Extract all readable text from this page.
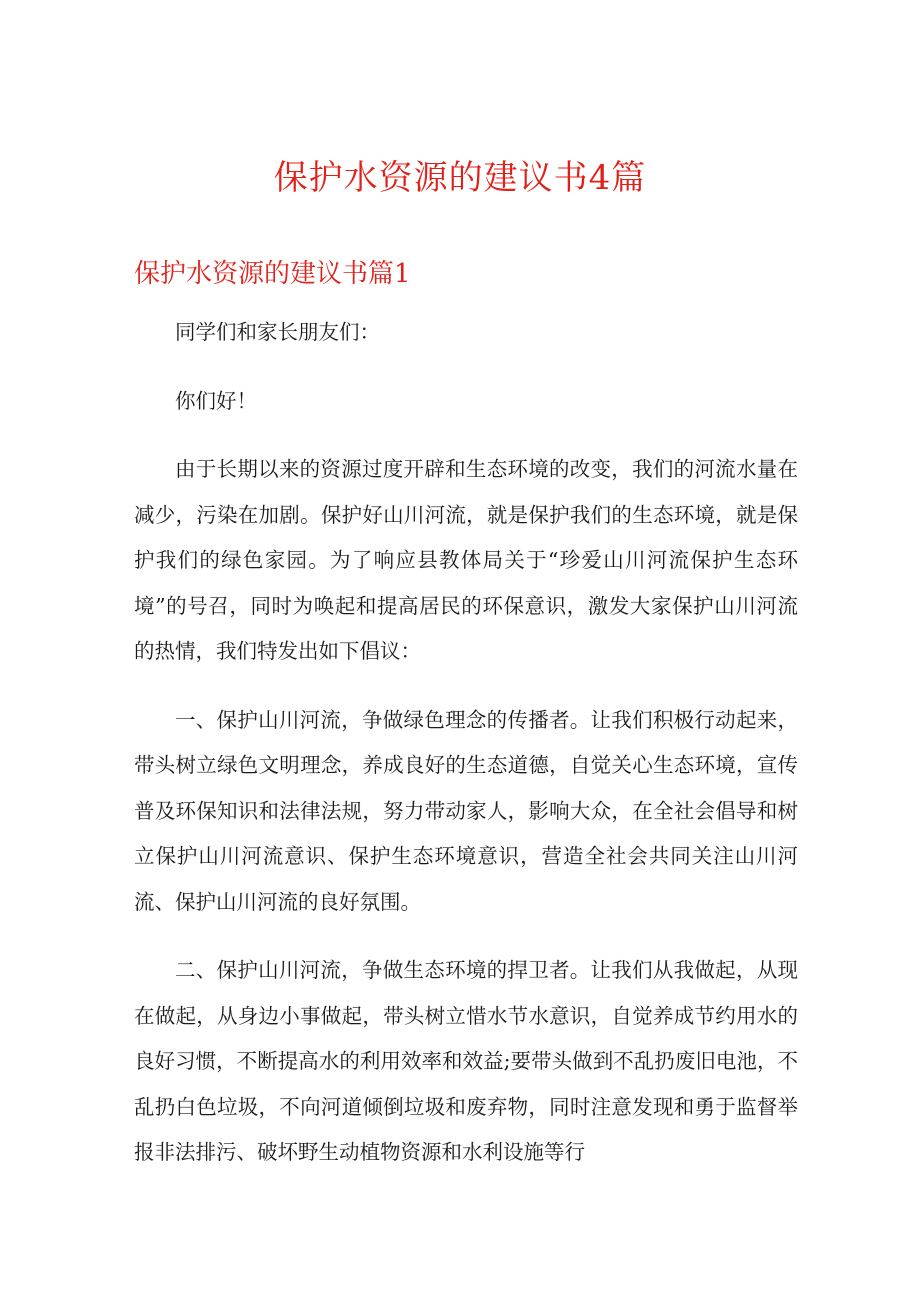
保护水资源的建议书4篇
保护水资源的建议书篇1

同学们和家长朋友们：

你们好！

由于长期以来的资源过度开辟和生态环境的改变，我们的河流水量在减少，污染在加剧。保护好山川河流，就是保护我们的生态环境，就是保护我们的绿色家园。为了响应县教体局关于“珍爱山川河流保护生态环境”的号召，同时为唤起和提高居民的环保意识，激发大家保护山川河流的热情，我们特发出如下倡议：

一、保护山川河流，争做绿色理念的传播者。让我们积极行动起来，带头树立绿色文明理念，养成良好的生态道德，自觉关心生态环境，宣传普及环保知识和法律法规，努力带动家人，影响大众，在全社会倡导和树立保护山川河流意识、保护生态环境意识，营造全社会共同关注山川河流、保护山川河流的良好氛围。

二、保护山川河流，争做生态环境的捍卫者。让我们从我做起，从现在做起，从身边小事做起，带头树立惜水节水意识，自觉养成节约用水的良好习惯，不断提高水的利用效率和效益;要带头做到不乱扔废旧电池，不乱扔白色垃圾，不向河道倾倒垃圾和废弃物，同时注意发现和勇于监督举报非法排污、破坏野生动植物资源和水利设施等行
